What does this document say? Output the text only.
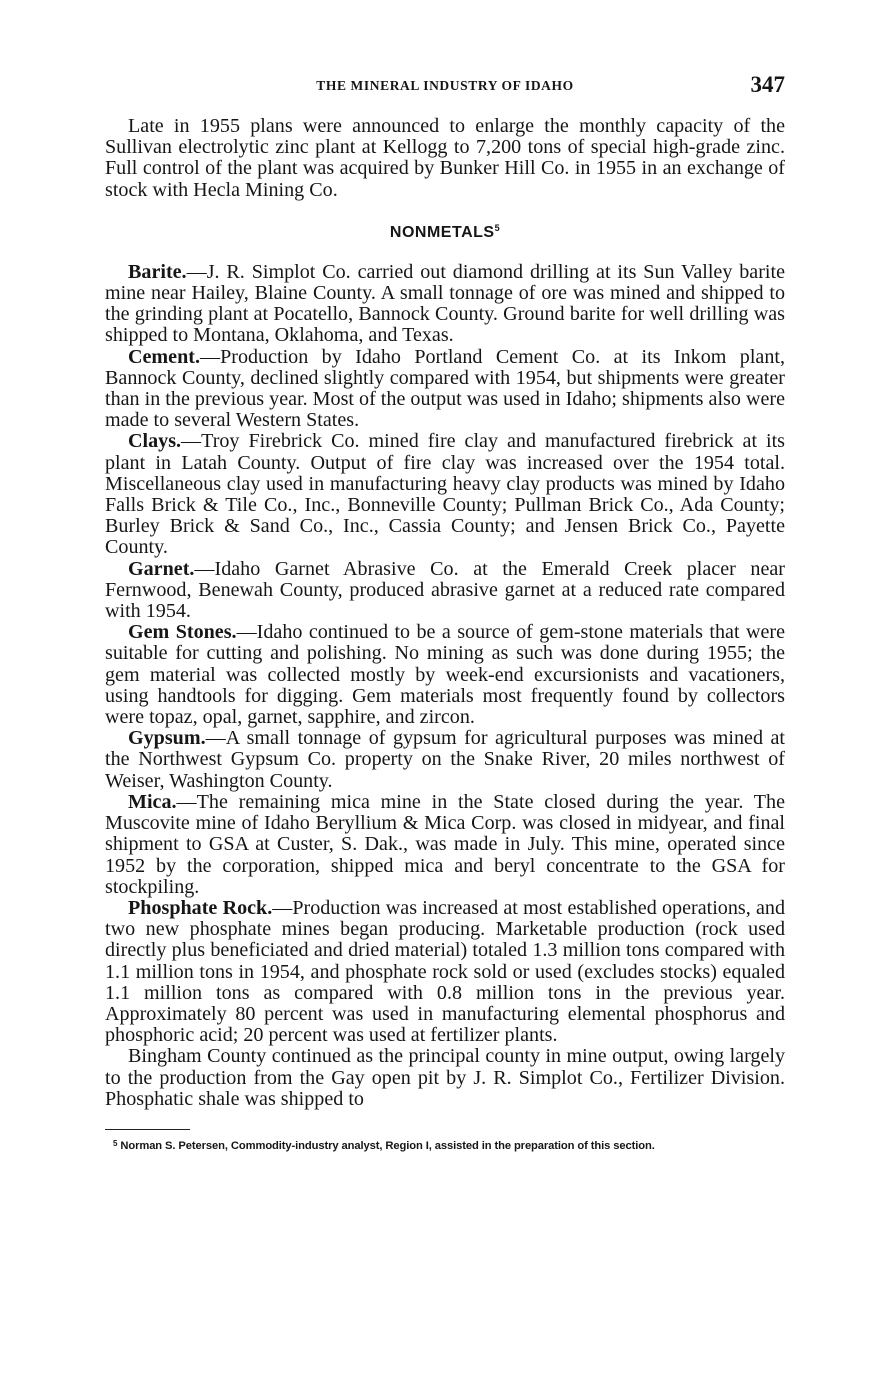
THE MINERAL INDUSTRY OF IDAHO	347

Late in 1955 plans were announced to enlarge the monthly capacity of the Sullivan electrolytic zinc plant at Kellogg to 7,200 tons of special high-grade zinc. Full control of the plant was acquired by Bunker Hill Co. in 1955 in an exchange of stock with Hecla Mining Co.

NONMETALS$^5$

Barite.—J. R. Simplot Co. carried out diamond drilling at its Sun Valley barite mine near Hailey, Blaine County. A small tonnage of ore was mined and shipped to the grinding plant at Pocatello, Bannock County. Ground barite for well drilling was shipped to Montana, Oklahoma, and Texas.

Cement.—Production by Idaho Portland Cement Co. at its Inkom plant, Bannock County, declined slightly compared with 1954, but shipments were greater than in the previous year. Most of the output was used in Idaho; shipments also were made to several Western States.

Clays.—Troy Firebrick Co. mined fire clay and manufactured firebrick at its plant in Latah County. Output of fire clay was increased over the 1954 total. Miscellaneous clay used in manufacturing heavy clay products was mined by Idaho Falls Brick & Tile Co., Inc., Bonneville County; Pullman Brick Co., Ada County; Burley Brick & Sand Co., Inc., Cassia County; and Jensen Brick Co., Payette County.

Garnet.—Idaho Garnet Abrasive Co. at the Emerald Creek placer near Fernwood, Benewah County, produced abrasive garnet at a reduced rate compared with 1954.

Gem Stones.—Idaho continued to be a source of gem-stone materials that were suitable for cutting and polishing. No mining as such was done during 1955; the gem material was collected mostly by week-end excursionists and vacationers, using handtools for digging. Gem materials most frequently found by collectors were topaz, opal, garnet, sapphire, and zircon.

Gypsum.—A small tonnage of gypsum for agricultural purposes was mined at the Northwest Gypsum Co. property on the Snake River, 20 miles northwest of Weiser, Washington County.

Mica.—The remaining mica mine in the State closed during the year. The Muscovite mine of Idaho Beryllium & Mica Corp. was closed in midyear, and final shipment to GSA at Custer, S. Dak., was made in July. This mine, operated since 1952 by the corporation, shipped mica and beryl concentrate to the GSA for stockpiling.

Phosphate Rock.—Production was increased at most established operations, and two new phosphate mines began producing. Marketable production (rock used directly plus beneficiated and dried material) totaled 1.3 million tons compared with 1.1 million tons in 1954, and phosphate rock sold or used (excludes stocks) equaled 1.1 million tons as compared with 0.8 million tons in the previous year. Approximately 80 percent was used in manufacturing elemental phosphorus and phosphoric acid; 20 percent was used at fertilizer plants.

Bingham County continued as the principal county in mine output, owing largely to the production from the Gay open pit by J. R. Simplot Co., Fertilizer Division. Phosphatic shale was shipped to

$^5$ Norman S. Petersen, Commodity-industry analyst, Region I, assisted in the preparation of this section.
